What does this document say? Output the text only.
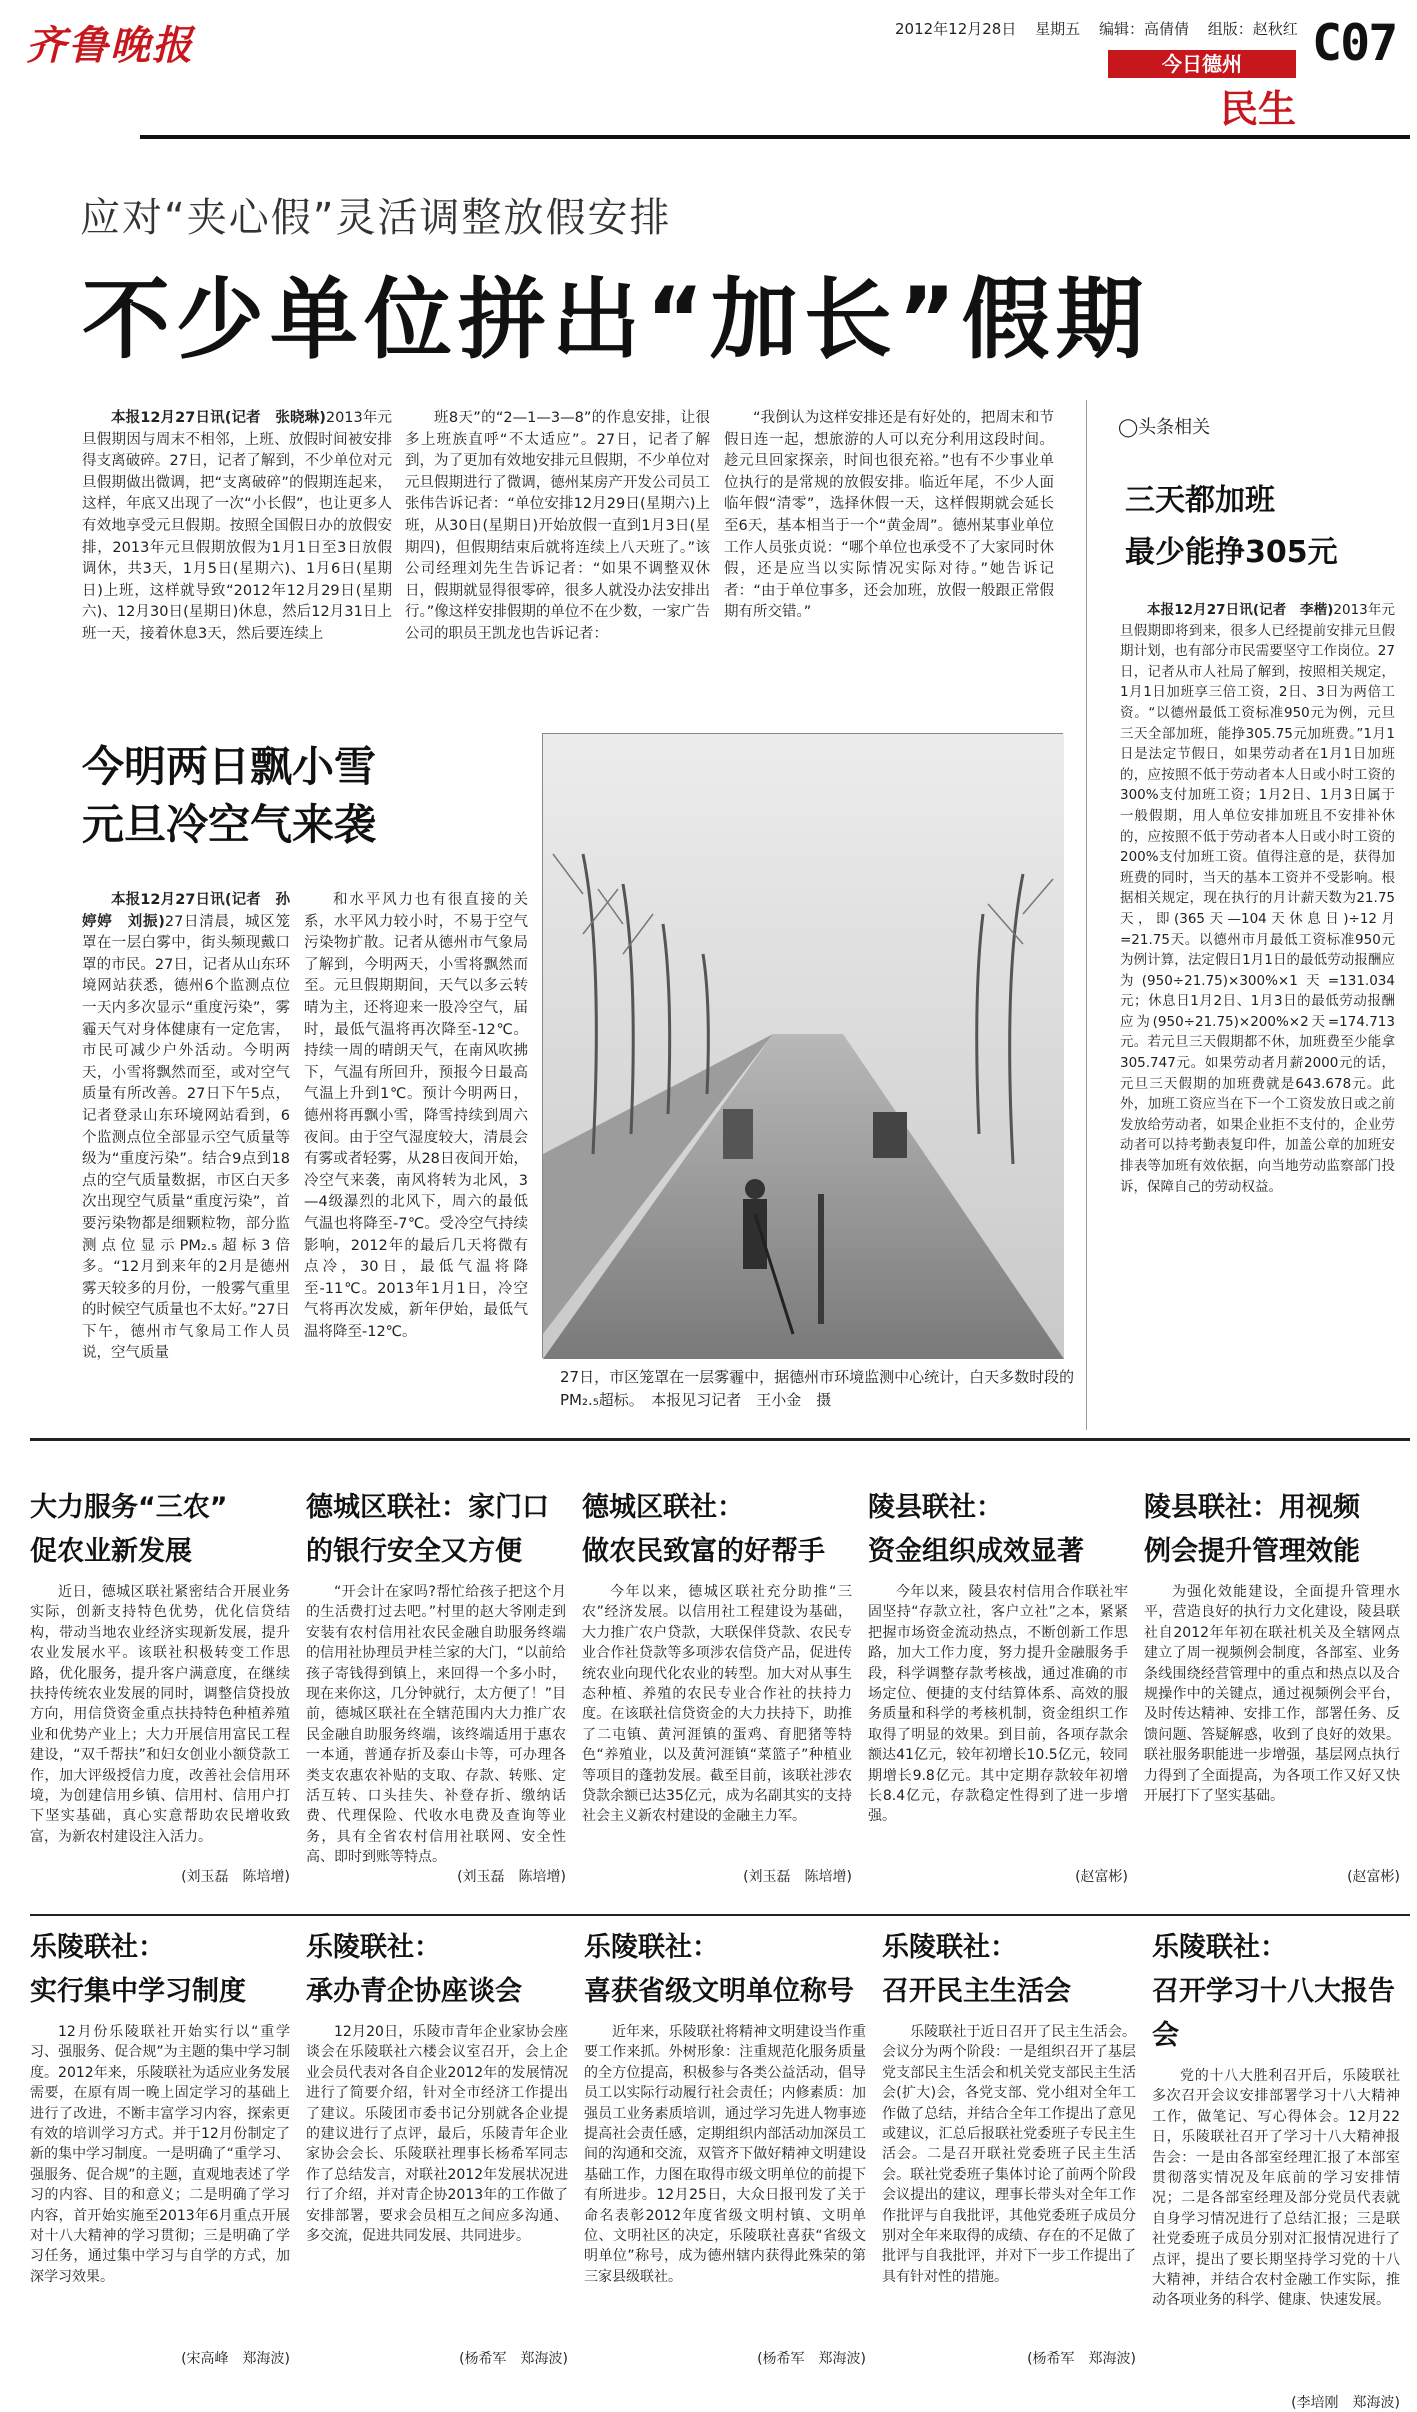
齐鲁晚报	2012年12月28日 星期五 编辑：高倩倩 组版：赵秋红 C07
今日德州
民生
应对“夹心假”灵活调整放假安排
不少单位拼出“加长”假期

本报12月27日讯(记者　张晓琳)2013年元旦假期因与周末不相邻，上班、放假时间被安排得支离破碎。27日，记者了解到，不少单位对元旦假期做出微调，把“支离破碎”的假期连起来，这样，年底又出现了一次“小长假”，也让更多人有效地享受元旦假期。按照全国假日办的放假安排，2013年元旦假期放假为1月1日至3日放假调休，共3天，1月5日(星期六)、1月6日(星期日)上班，这样就导致“2012年12月29日(星期六)、12月30日(星期日)休息，然后12月31日上班一天，接着休息3天，然后要连续上

班8天”的“2—1—3—8”的作息安排，让很多上班族直呼“不太适应”。27日，记者了解到，为了更加有效地安排元旦假期，不少单位对元旦假期进行了微调，德州某房产开发公司员工张伟告诉记者：“单位安排12月29日(星期六)上班，从30日(星期日)开始放假一直到1月3日(星期四)，但假期结束后就将连续上八天班了。”该公司经理刘先生告诉记者：“如果不调整双休日，假期就显得很零碎，很多人就没办法安排出行。”像这样安排假期的单位不在少数，一家广告公司的职员王凯龙也告诉记者：

“我倒认为这样安排还是有好处的，把周末和节假日连一起，想旅游的人可以充分利用这段时间。趁元旦回家探亲，时间也很充裕。”也有不少事业单位执行的是常规的放假安排。临近年尾，不少人面临年假“清零”，选择休假一天，这样假期就会延长至6天，基本相当于一个“黄金周”。德州某事业单位工作人员张贞说：“哪个单位也承受不了大家同时休假，还是应当以实际情况实际对待。”她告诉记者：“由于单位事多，还会加班，放假一般跟正常假期有所交错。”

◯头条相关
三天都加班
最少能挣305元

本报12月27日讯(记者　李楷)2013年元旦假期即将到来，很多人已经提前安排元旦假期计划，也有部分市民需要坚守工作岗位。27日，记者从市人社局了解到，按照相关规定，1月1日加班享三倍工资，2日、3日为两倍工资。“以德州最低工资标准950元为例，元旦三天全部加班，能挣305.75元加班费。”1月1日是法定节假日，如果劳动者在1月1日加班的，应按照不低于劳动者本人日或小时工资的300%支付加班工资；1月2日、1月3日属于一般假期，用人单位安排加班且不安排补休的，应按照不低于劳动者本人日或小时工资的200%支付加班工资。值得注意的是，获得加班费的同时，当天的基本工资并不受影响。根据相关规定，现在执行的月计薪天数为21.75天，即(365天—104天休息日)÷12月=21.75天。以德州市月最低工资标准950元为例计算，法定假日1月1日的最低劳动报酬应为(950÷21.75)×300%×1天=131.034元；休息日1月2日、1月3日的最低劳动报酬应为(950÷21.75)×200%×2天=174.713元。若元旦三天假期都不休，加班费至少能拿305.747元。如果劳动者月薪2000元的话，元旦三天假期的加班费就是643.678元。此外，加班工资应当在下一个工资发放日或之前发放给劳动者，如果企业拒不支付的，企业劳动者可以持考勤表复印件，加盖公章的加班安排表等加班有效依据，向当地劳动监察部门投诉，保障自己的劳动权益。

今明两日飘小雪
元旦冷空气来袭

本报12月27日讯(记者　孙婷婷　刘振)27日清晨，城区笼罩在一层白雾中，街头频现戴口罩的市民。27日，记者从山东环境网站获悉，德州6个监测点位一天内多次显示“重度污染”，雾霾天气对身体健康有一定危害，市民可减少户外活动。今明两天，小雪将飘然而至，或对空气质量有所改善。27日下午5点，记者登录山东环境网站看到，6个监测点位全部显示空气质量等级为“重度污染”。结合9点到18点的空气质量数据，市区白天多次出现空气质量“重度污染”，首要污染物都是细颗粒物，部分监测点位显示PM₂.₅超标3倍多。“12月到来年的2月是德州雾天较多的月份，一般雾气重里的时候空气质量也不太好。”27日下午，德州市气象局工作人员说，空气质量

和水平风力也有很直接的关系，水平风力较小时，不易于空气污染物扩散。记者从德州市气象局了解到，今明两天，小雪将飘然而至。元旦假期期间，天气以多云转晴为主，还将迎来一股冷空气，届时，最低气温将再次降至-12℃。持续一周的晴朗天气，在南风吹拂下，气温有所回升，预报今日最高气温上升到1℃。预计今明两日，德州将再飘小雪，降雪持续到周六夜间。由于空气湿度较大，清晨会有雾或者轻雾，从28日夜间开始，冷空气来袭，南风将转为北风，3—4级瀑烈的北风下，周六的最低气温也将降至-7℃。受冷空气持续影响，2012年的最后几天将微有点冷，30日，最低气温将降至-11℃。2013年1月1日，冷空气将再次发威，新年伊始，最低气温将降至-12℃。

27日，市区笼罩在一层雾霾中，据德州市环境监测中心统计，白天多数时段的PM₂.₅超标。　本报见习记者　王小金　摄
大力服务“三农”
促农业新发展

近日，德城区联社紧密结合开展业务实际，创新支持特色优势，优化信贷结构，带动当地农业经济实现新发展，提升农业发展水平。该联社积极转变工作思路，优化服务，提升客户满意度，在继续扶持传统农业发展的同时，调整信贷投放方向，用信贷资金重点扶持特色种植养殖业和优势产业上；大力开展信用富民工程建设，“双千帮扶”和妇女创业小额贷款工作，加大评级授信力度，改善社会信用环境，为创建信用乡镇、信用村、信用户打下坚实基础，真心实意帮助农民增收致富，为新农村建设注入活力。

(刘玉磊　陈培增)
德城区联社：家门口
的银行安全又方便

“开会计在家吗?帮忙给孩子把这个月的生活费打过去吧。”村里的赵大爷刚走到安装有农村信用社农民金融自助服务终端的信用社协理员尹桂兰家的大门，“以前给孩子寄钱得到镇上，来回得一个多小时，现在来你这，几分钟就行，太方便了！”目前，德城区联社在全辖范围内大力推广农民金融自助服务终端，该终端适用于惠农一本通，普通存折及泰山卡等，可办理各类支农惠农补贴的支取、存款、转账、定活互转、口头挂失、补登存折、缴纳话费、代理保险、代收水电费及查询等业务，具有全省农村信用社联网、安全性高、即时到账等特点。

(刘玉磊　陈培增)
德城区联社：
做农民致富的好帮手

今年以来，德城区联社充分助推“三农”经济发展。以信用社工程建设为基础，大力推广农户贷款，大联保伴贷款、农民专业合作社贷款等多项涉农信贷产品，促进传统农业向现代化农业的转型。加大对从事生态种植、养殖的农民专业合作社的扶持力度。在该联社信贷资金的大力扶持下，助推了二屯镇、黄河涯镇的蛋鸡、育肥猪等特色“养殖业，以及黄河涯镇“菜篮子”种植业等项目的蓬勃发展。截至目前，该联社涉农贷款余额已达35亿元，成为名副其实的支持社会主义新农村建设的金融主力军。

(刘玉磊　陈培增)
陵县联社：
资金组织成效显著

今年以来，陵县农村信用合作联社牢固坚持“存款立社，客户立社”之本，紧紧把握市场资金流动热点，不断创新工作思路，加大工作力度，努力提升金融服务手段，科学调整存款考核战，通过准确的市场定位、便捷的支付结算体系、高效的服务质量和科学的考核机制，资金组织工作取得了明显的效果。到目前，各项存款余额达41亿元，较年初增长10.5亿元，较同期增长9.8亿元。其中定期存款较年初增长8.4亿元，存款稳定性得到了进一步增强。

(赵富彬)
陵县联社：用视频
例会提升管理效能

为强化效能建设，全面提升管理水平，营造良好的执行力文化建设，陵县联社自2012年年初在联社机关及全辖网点建立了周一视频例会制度，各部室、业务条线围绕经营管理中的重点和热点以及合规操作中的关键点，通过视频例会平台，及时传达精神、安排工作，部署任务、反馈问题、答疑解惑，收到了良好的效果。联社服务职能进一步增强，基层网点执行力得到了全面提高，为各项工作又好又快开展打下了坚实基础。

(赵富彬)
乐陵联社：
实行集中学习制度

12月份乐陵联社开始实行以“重学习、强服务、促合规”为主题的集中学习制度。2012年来，乐陵联社为适应业务发展需要，在原有周一晚上固定学习的基础上进行了改进，不断丰富学习内容，探索更有效的培训学习方式。并于12月份制定了新的集中学习制度。一是明确了“重学习、强服务、促合规”的主题，直观地表述了学习的内容、目的和意义；二是明确了学习内容，首开始实施至2013年6月重点开展对十八大精神的学习贯彻；三是明确了学习任务，通过集中学习与自学的方式，加深学习效果。

(宋高峰　郑海波)
乐陵联社：
承办青企协座谈会

12月20日，乐陵市青年企业家协会座谈会在乐陵联社六楼会议室召开，会上企业会员代表对各自企业2012年的发展情况进行了简要介绍，针对全市经济工作提出了建议。乐陵团市委书记分别就各企业提的建议进行了点评，最后，乐陵青年企业家协会会长、乐陵联社理事长杨希军同志作了总结发言，对联社2012年发展状况进行了介绍，并对青企协2013年的工作做了安排部署，要求会员相互之间应多沟通、多交流，促进共同发展、共同进步。

(杨希军　郑海波)
乐陵联社：
喜获省级文明单位称号

近年来，乐陵联社将精神文明建设当作重要工作来抓。外树形象：注重规范化服务质量的全方位提高，积极参与各类公益活动，倡导员工以实际行动履行社会责任；内修素质：加强员工业务素质培训，通过学习先进人物事迹提高社会责任感，定期组织内部活动加深员工间的沟通和交流，双管齐下做好精神文明建设基础工作，力图在取得市级文明单位的前提下有所进步。12月25日，大众日报刊发了关于命名表彰2012年度省级文明村镇、文明单位、文明社区的决定，乐陵联社喜获“省级文明单位”称号，成为德州辖内获得此殊荣的第三家县级联社。

(杨希军　郑海波)
乐陵联社：
召开民主生活会

乐陵联社于近日召开了民主生活会。会议分为两个阶段：一是组织召开了基层党支部民主生活会和机关党支部民主生活会(扩大)会，各党支部、党小组对全年工作做了总结，并结合全年工作提出了意见或建议，汇总后报联社党委班子专民主生活会。二是召开联社党委班子民主生活会。联社党委班子集体讨论了前两个阶段会议提出的建议，理事长带头对全年工作作批评与自我批评，其他党委班子成员分别对全年来取得的成绩、存在的不足做了批评与自我批评，并对下一步工作提出了具有针对性的措施。

(杨希军　郑海波)
乐陵联社：
召开学习十八大报告会

党的十八大胜利召开后，乐陵联社多次召开会议安排部署学习十八大精神工作，做笔记、写心得体会。12月22日，乐陵联社召开了学习十八大精神报告会：一是由各部室经理汇报了本部室贯彻落实情况及年底前的学习安排情况；二是各部室经理及部分党员代表就自身学习情况进行了总结汇报；三是联社党委班子成员分别对汇报情况进行了点评，提出了要长期坚持学习党的十八大精神，并结合农村金融工作实际，推动各项业务的科学、健康、快速发展。

(李培刚　郑海波)
